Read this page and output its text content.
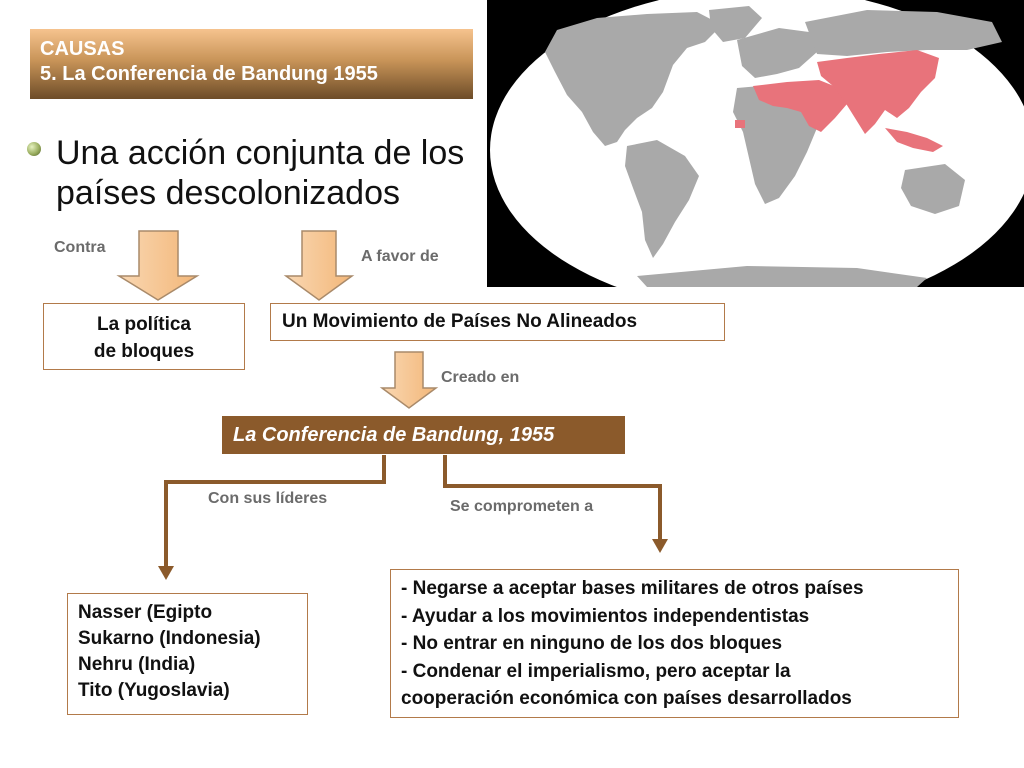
CAUSAS
5. La Conferencia de Bandung 1955
Una acción conjunta de los países descolonizados
Contra
A favor de
Creado en
Con sus líderes	Se comprometen a
La política
de bloques
Un Movimiento de Países No Alineados
La Conferencia de Bandung, 1955
Nasser (Egipto
Sukarno (Indonesia)
Nehru (India)
Tito (Yugoslavia)
- Negarse a aceptar bases militares de otros países
- Ayudar a los movimientos independentistas
- No entrar en ninguno de los dos bloques
- Condenar el imperialismo, pero aceptar la
cooperación económica con países desarrollados
